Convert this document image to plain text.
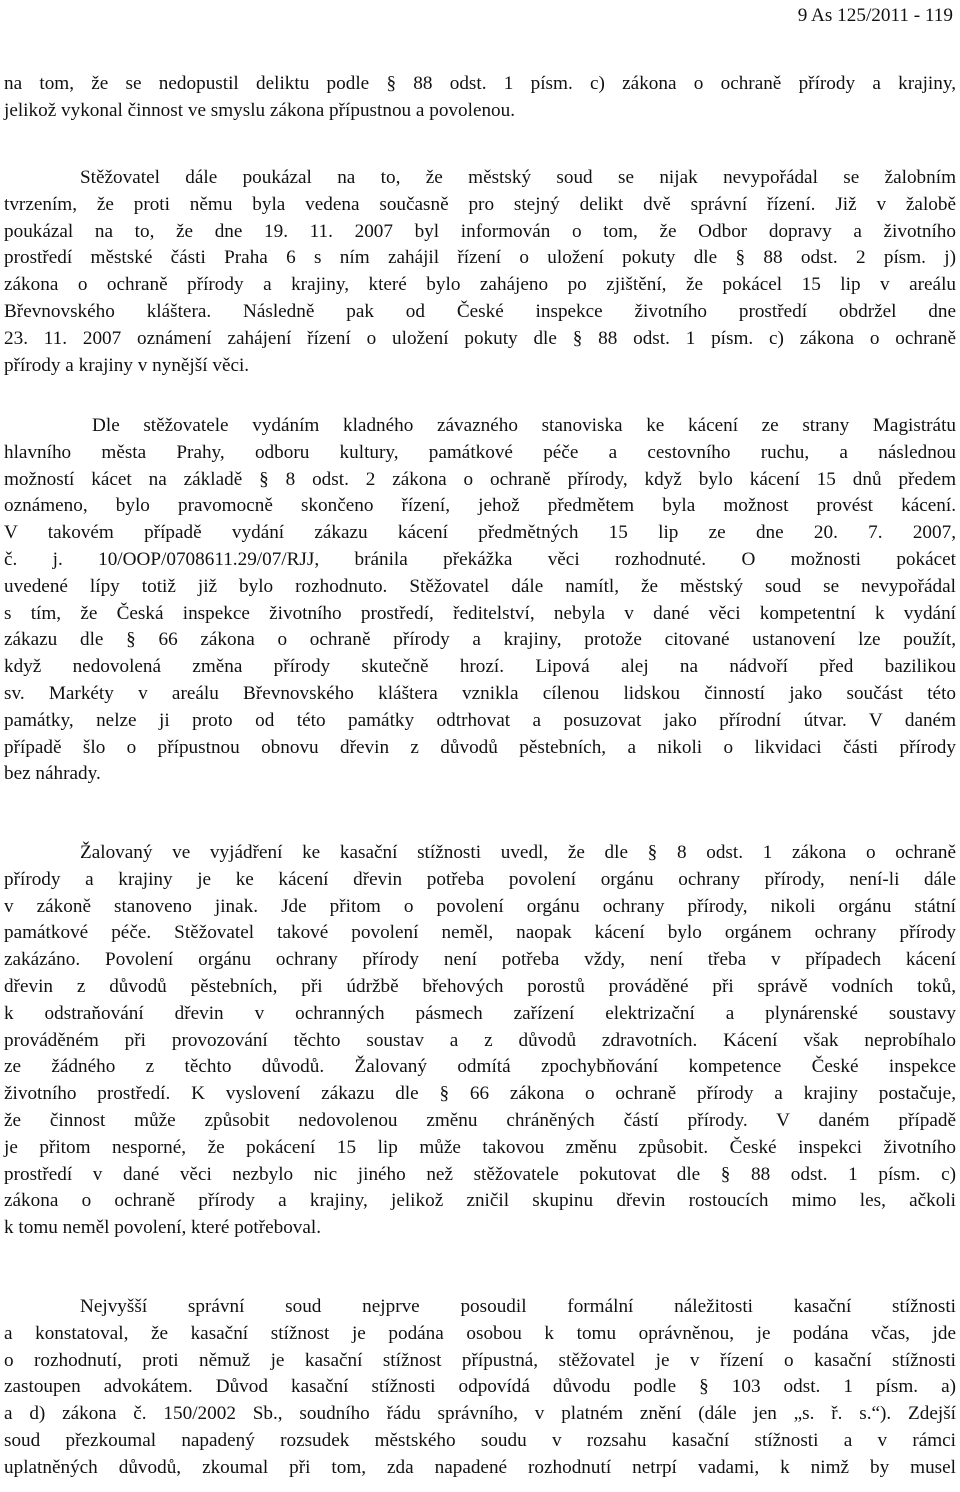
9 As 125/2011 - 119
na tom, že se nedopustil deliktu podle § 88 odst. 1 písm. c) zákona o ochraně přírody a krajiny,
jelikož vykonal činnost ve smyslu zákona přípustnou a povolenou.
Stěžovatel dále poukázal na to, že městský soud se nijak nevypořádal se žalobním
tvrzením, že proti němu byla vedena současně pro stejný delikt dvě správní řízení. Již v žalobě
poukázal na to, že dne 19. 11. 2007 byl informován o tom, že Odbor dopravy a životního
prostředí městské části Praha 6 s ním zahájil řízení o uložení pokuty dle § 88 odst. 2 písm. j)
zákona o ochraně přírody a krajiny, které bylo zahájeno po zjištění, že pokácel 15 lip v areálu
Břevnovského kláštera. Následně pak od České inspekce životního prostředí obdržel dne
23. 11. 2007 oznámení zahájení řízení o uložení pokuty dle § 88 odst. 1 písm. c) zákona o ochraně
přírody a krajiny v nynější věci.
Dle stěžovatele vydáním kladného závazného stanoviska ke kácení ze strany Magistrátu
hlavního města Prahy, odboru kultury, památkové péče a cestovního ruchu, a následnou
možností kácet na základě § 8 odst. 2 zákona o ochraně přírody, když bylo kácení 15 dnů předem
oznámeno, bylo pravomocně skončeno řízení, jehož předmětem byla možnost provést kácení.
V takovém případě vydání zákazu kácení předmětných 15 lip ze dne 20. 7. 2007,
č. j. 10/OOP/0708611.29/07/RJJ, bránila překážka věci rozhodnuté. O možnosti pokácet
uvedené lípy totiž již bylo rozhodnuto. Stěžovatel dále namítl, že městský soud se nevypořádal
s tím, že Česká inspekce životního prostředí, ředitelství, nebyla v dané věci kompetentní k vydání
zákazu dle § 66 zákona o ochraně přírody a krajiny, protože citované ustanovení lze použít,
když nedovolená změna přírody skutečně hrozí. Lipová alej na nádvoří před bazilikou
sv. Markéty v areálu Břevnovského kláštera vznikla cílenou lidskou činností jako součást této
památky, nelze ji proto od této památky odtrhovat a posuzovat jako přírodní útvar. V daném
případě šlo o přípustnou obnovu dřevin z důvodů pěstebních, a nikoli o likvidaci části přírody
bez náhrady.
Žalovaný ve vyjádření ke kasační stížnosti uvedl, že dle § 8 odst. 1 zákona o ochraně
přírody a krajiny je ke kácení dřevin potřeba povolení orgánu ochrany přírody, není-li dále
v zákoně stanoveno jinak. Jde přitom o povolení orgánu ochrany přírody, nikoli orgánu státní
památkové péče. Stěžovatel takové povolení neměl, naopak kácení bylo orgánem ochrany přírody
zakázáno. Povolení orgánu ochrany přírody není potřeba vždy, není třeba v případech kácení
dřevin z důvodů pěstebních, při údržbě břehových porostů prováděné při správě vodních toků,
k odstraňování dřevin v ochranných pásmech zařízení elektrizační a plynárenské soustavy
prováděném při provozování těchto soustav a z důvodů zdravotních. Kácení však neprobíhalo
ze žádného z těchto důvodů. Žalovaný odmítá zpochybňování kompetence České inspekce
životního prostředí. K vyslovení zákazu dle § 66 zákona o ochraně přírody a krajiny postačuje,
že činnost může způsobit nedovolenou změnu chráněných částí přírody. V daném případě
je přitom nesporné, že pokácení 15 lip může takovou změnu způsobit. České inspekci životního
prostředí v dané věci nezbylo nic jiného než stěžovatele pokutovat dle § 88 odst. 1 písm. c)
zákona o ochraně přírody a krajiny, jelikož zničil skupinu dřevin rostoucích mimo les, ačkoli
k tomu neměl povolení, které potřeboval.
Nejvyšší správní soud nejprve posoudil formální náležitosti kasační stížnosti
a konstatoval, že kasační stížnost je podána osobou k tomu oprávněnou, je podána včas, jde
o rozhodnutí, proti němuž je kasační stížnost přípustná, stěžovatel je v řízení o kasační stížnosti
zastoupen advokátem. Důvod kasační stížnosti odpovídá důvodu podle § 103 odst. 1 písm. a)
a d) zákona č. 150/2002 Sb., soudního řádu správního, v platném znění (dále jen „s. ř. s.“). Zdejší
soud přezkoumal napadený rozsudek městského soudu v rozsahu kasační stížnosti a v rámci
uplatněných důvodů, zkoumal při tom, zda napadené rozhodnutí netrpí vadami, k nimž by musel
